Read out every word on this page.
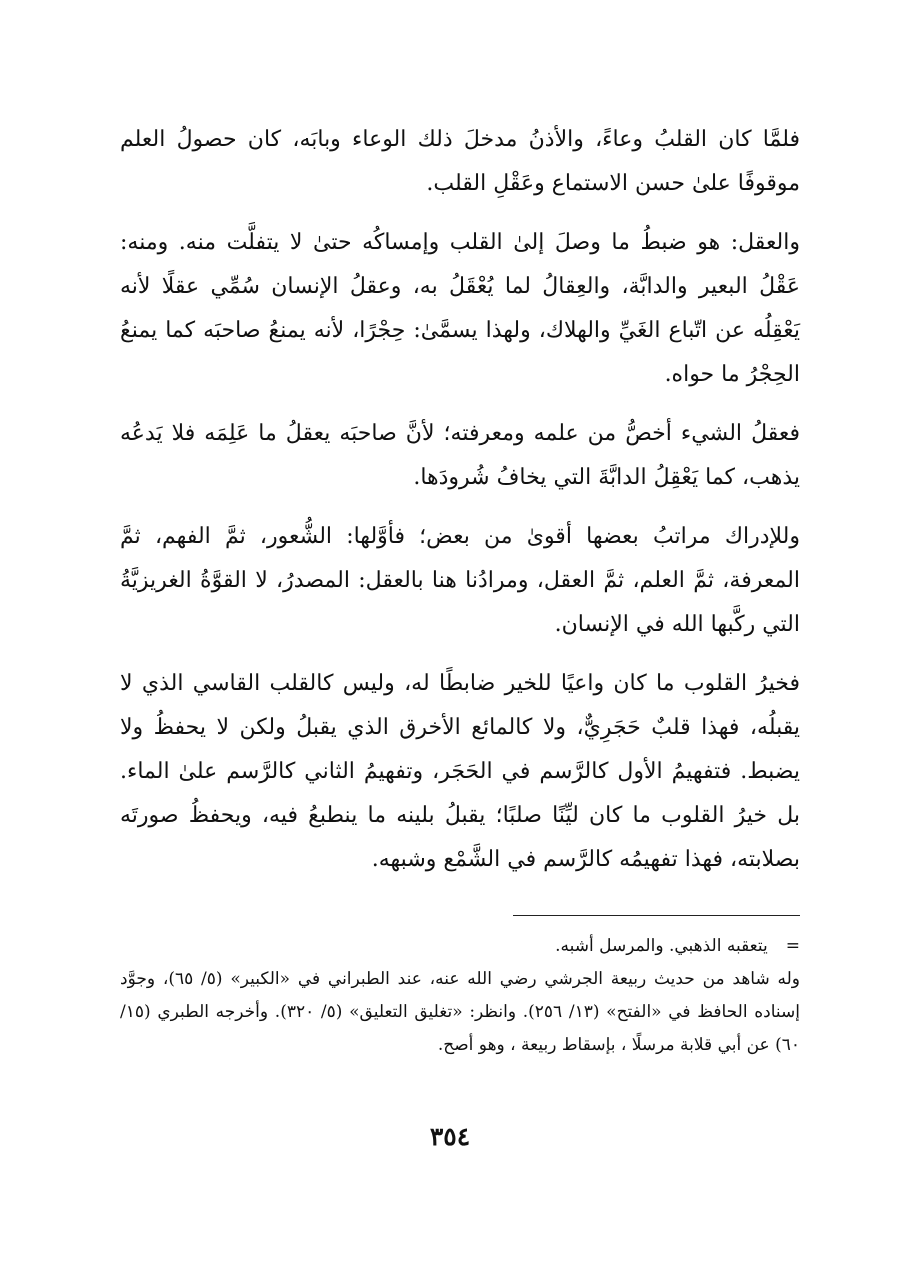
فلمَّا كان القلبُ وعاءً، والأذنُ مدخلَ ذلك الوعاء وبابَه، كان حصولُ العلم موقوفًا علىٰ حسن الاستماع وعَقْلِ القلب.

والعقل: هو ضبطُ ما وصلَ إلىٰ القلب وإمساكُه حتىٰ لا يتفلَّت منه. ومنه: عَقْلُ البعير والدابَّة، والعِقالُ لما يُعْقَلُ به، وعقلُ الإنسان سُمِّي عقلًا لأنه يَعْقِلُه عن اتّباع الغَيِّ والهلاك، ولهذا يسمَّىٰ: حِجْرًا، لأنه يمنعُ صاحبَه كما يمنعُ الحِجْرُ ما حواه.

فعقلُ الشيء أخصُّ من علمه ومعرفته؛ لأنَّ صاحبَه يعقلُ ما عَلِمَه فلا يَدعُه يذهب، كما يَعْقِلُ الدابَّةَ التي يخافُ شُرودَها.

وللإدراك مراتبُ بعضها أقوىٰ من بعض؛ فأوَّلها: الشُّعور، ثمَّ الفهم، ثمَّ المعرفة، ثمَّ العلم، ثمَّ العقل، ومرادُنا هنا بالعقل: المصدرُ، لا القوَّةُ الغريزيَّةُ التي ركَّبها الله في الإنسان.

فخيرُ القلوب ما كان واعيًا للخير ضابطًا له، وليس كالقلب القاسي الذي لا يقبلُه، فهذا قلبٌ حَجَرِيٌّ، ولا كالمائع الأخرق الذي يقبلُ ولكن لا يحفظُ ولا يضبط. فتفهيمُ الأول كالرَّسم في الحَجَر، وتفهيمُ الثاني كالرَّسم علىٰ الماء. بل خيرُ القلوب ما كان ليِّنًا صلبًا؛ يقبلُ بلينه ما ينطبعُ فيه، ويحفظُ صورتَه بصلابته، فهذا تفهيمُه كالرَّسم في الشَّمْع وشبهه.

=يتعقبه الذهبي. والمرسل أشبه.

وله شاهد من حديث ربيعة الجرشي رضي الله عنه، عند الطبراني في «الكبير» (٥/ ٦٥)، وجوَّد إسناده الحافظ في «الفتح» (١٣/ ٢٥٦). وانظر: «تغليق التعليق» (٥/ ٣٢٠). وأخرجه الطبري (١٥/ ٦٠) عن أبي قلابة مرسلًا ، بإسقاط ربيعة ، وهو أصح.

٣٥٤
